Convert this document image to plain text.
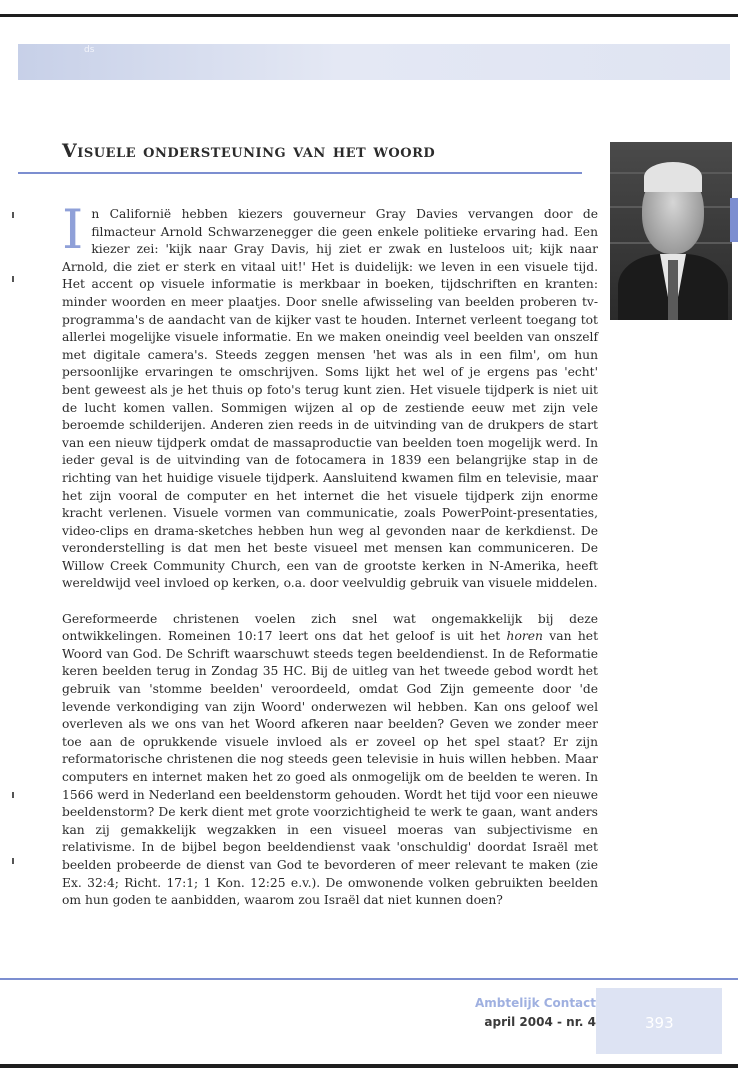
ds
Visuele ondersteuning van het woord

In Californië hebben kiezers gouverneur Gray Davies vervangen door de filmacteur Arnold Schwarzenegger die geen enkele politieke ervaring had. Een kiezer zei: 'kijk naar Gray Davis, hij ziet er zwak en lusteloos uit; kijk naar Arnold, die ziet er sterk en vitaal uit!' Het is duidelijk: we leven in een visuele tijd. Het accent op visuele informatie is merkbaar in boeken, tijdschriften en kranten: minder woorden en meer plaatjes. Door snelle afwisseling van beelden proberen tv-programma's de aandacht van de kijker vast te houden. Internet verleent toegang tot allerlei mogelijke visuele informatie. En we maken oneindig veel beelden van onszelf met digitale camera's. Steeds zeggen mensen 'het was als in een film', om hun persoonlijke ervaringen te omschrijven. Soms lijkt het wel of je ergens pas 'echt' bent geweest als je het thuis op foto's terug kunt zien. Het visuele tijdperk is niet uit de lucht komen vallen. Sommigen wijzen al op de zestiende eeuw met zijn vele beroemde schilderijen. Anderen zien reeds in de uitvinding van de drukpers de start van een nieuw tijdperk omdat de massaproductie van beelden toen mogelijk werd. In ieder geval is de uitvinding van de fotocamera in 1839 een belangrijke stap in de richting van het huidige visuele tijdperk. Aansluitend kwamen film en televisie, maar het zijn vooral de computer en het internet die het visuele tijdperk zijn enorme kracht verlenen. Visuele vormen van communicatie, zoals PowerPoint-presentaties, video-clips en drama-sketches hebben hun weg al gevonden naar de kerkdienst. De veronderstelling is dat men het beste visueel met mensen kan communiceren. De Willow Creek Community Church, een van de grootste kerken in N-Amerika, heeft wereldwijd veel invloed op kerken, o.a. door veelvuldig gebruik van visuele middelen.

Gereformeerde christenen voelen zich snel wat ongemakkelijk bij deze ontwikkelingen. Romeinen 10:17 leert ons dat het geloof is uit het horen van het Woord van God. De Schrift waarschuwt steeds tegen beeldendienst. In de Reformatie keren beelden terug in Zondag 35 HC. Bij de uitleg van het tweede gebod wordt het gebruik van 'stomme beelden' veroordeeld, omdat God Zijn gemeente door 'de levende verkondiging van zijn Woord' onderwezen wil hebben. Kan ons geloof wel overleven als we ons van het Woord afkeren naar beelden? Geven we zonder meer toe aan de oprukkende visuele invloed als er zoveel op het spel staat? Er zijn reformatorische christenen die nog steeds geen televisie in huis willen hebben. Maar computers en internet maken het zo goed als onmogelijk om de beelden te weren. In 1566 werd in Nederland een beeldenstorm gehouden. Wordt het tijd voor een nieuwe beeldenstorm? De kerk dient met grote voorzichtigheid te werk te gaan, want anders kan zij gemakkelijk wegzakken in een visueel moeras van subjectivisme en relativisme. In de bijbel begon beeldendienst vaak 'onschuldig' doordat Israël met beelden probeerde de dienst van God te bevorderen of meer relevant te maken (zie Ex. 32:4; Richt. 17:1; 1 Kon. 12:25 e.v.). De omwonende volken gebruikten beelden om hun goden te aanbidden, waarom zou Israël dat niet kunnen doen?

393
Ambtelijk Contact
april 2004 - nr. 4
